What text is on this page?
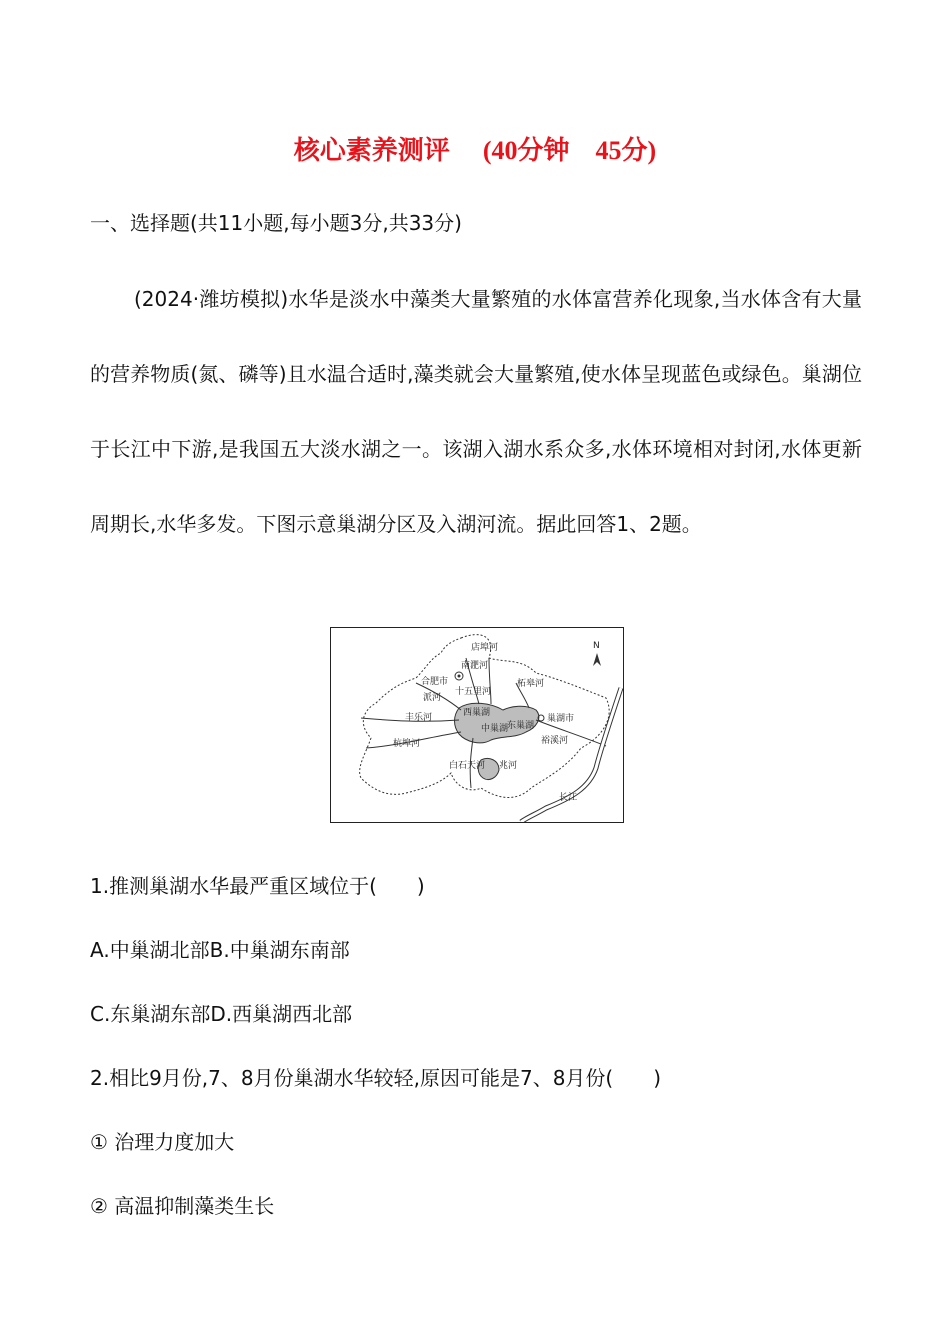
核心素养测评 (40分钟　45分)
一、选择题(共11小题,每小题3分,共33分)
(2024·潍坊模拟)水华是淡水中藻类大量繁殖的水体富营养化现象,当水体含有大量的营养物质(氮、磷等)且水温合适时,藻类就会大量繁殖,使水体呈现蓝色或绿色。巢湖位于长江中下游,是我国五大淡水湖之一。该湖入湖水系众多,水体环境相对封闭,水体更新周期长,水华多发。下图示意巢湖分区及入湖河流。据此回答1、2题。
N
合肥市
巢湖市
西巢湖
中巢湖
东巢湖
南淝河
十五里河
派河
丰乐河
杭埠河
店埠河
柘皋河
裕溪河
白石天河 兆河
长江
1.推测巢湖水华最严重区域位于(　　)
A.中巢湖北部B.中巢湖东南部
C.东巢湖东部D.西巢湖西北部
2.相比9月份,7、8月份巢湖水华较轻,原因可能是7、8月份(　　)
① 治理力度加大
② 高温抑制藻类生长
